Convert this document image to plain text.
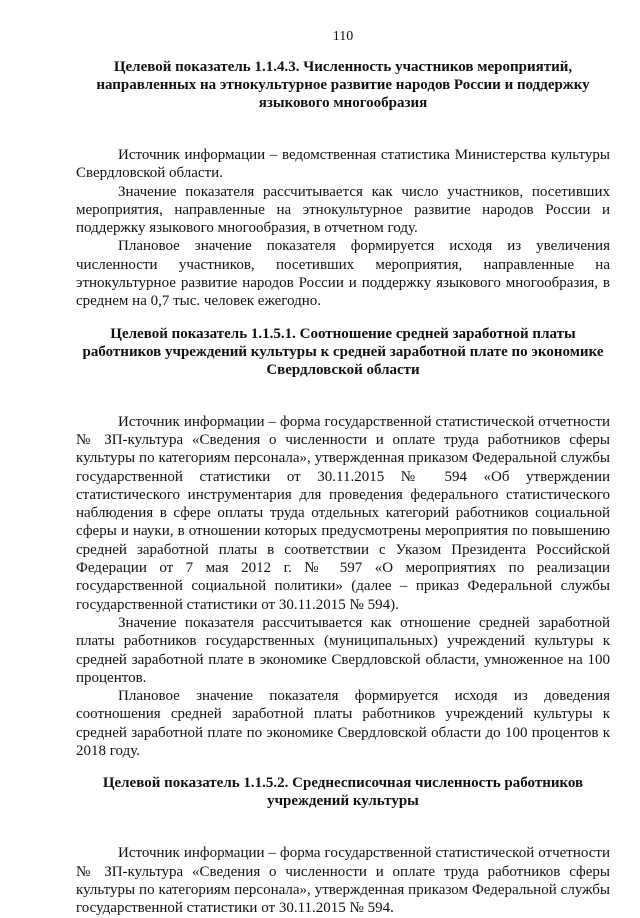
110
Целевой показатель 1.1.4.3. Численность участников мероприятий, направленных на этнокультурное развитие народов России и поддержку языкового многообразия

Источник информации – ведомственная статистика Министерства культуры Свердловской области.

Значение показателя рассчитывается как число участников, посетивших мероприятия, направленные на этнокультурное развитие народов России и поддержку языкового многообразия, в отчетном году.

Плановое значение показателя формируется исходя из увеличения численности участников, посетивших мероприятия, направленные на этнокультурное развитие народов России и поддержку языкового многообразия, в среднем на 0,7 тыс. человек ежегодно.

Целевой показатель 1.1.5.1. Соотношение средней заработной платы работников учреждений культуры к средней заработной плате по экономике Свердловской области

Источник информации – форма государственной статистической отчетности № ЗП-культура «Сведения о численности и оплате труда работников сферы культуры по категориям персонала», утвержденная приказом Федеральной службы государственной статистики от 30.11.2015 № 594 «Об утверждении статистического инструментария для проведения федерального статистического наблюдения в сфере оплаты труда отдельных категорий работников социальной сферы и науки, в отношении которых предусмотрены мероприятия по повышению средней заработной платы в соответствии с Указом Президента Российской Федерации от 7 мая 2012 г. № 597 «О мероприятиях по реализации государственной социальной политики» (далее – приказ Федеральной службы государственной статистики от 30.11.2015 № 594).

Значение показателя рассчитывается как отношение средней заработной платы работников государственных (муниципальных) учреждений культуры к средней заработной плате в экономике Свердловской области, умноженное на 100 процентов.

Плановое значение показателя формируется исходя из доведения соотношения средней заработной платы работников учреждений культуры к средней заработной плате по экономике Свердловской области до 100 процентов к 2018 году.

Целевой показатель 1.1.5.2. Среднесписочная численность работников учреждений культуры

Источник информации – форма государственной статистической отчетности № ЗП-культура «Сведения о численности и оплате труда работников сферы культуры по категориям персонала», утвержденная приказом Федеральной службы государственной статистики от 30.11.2015 № 594.
